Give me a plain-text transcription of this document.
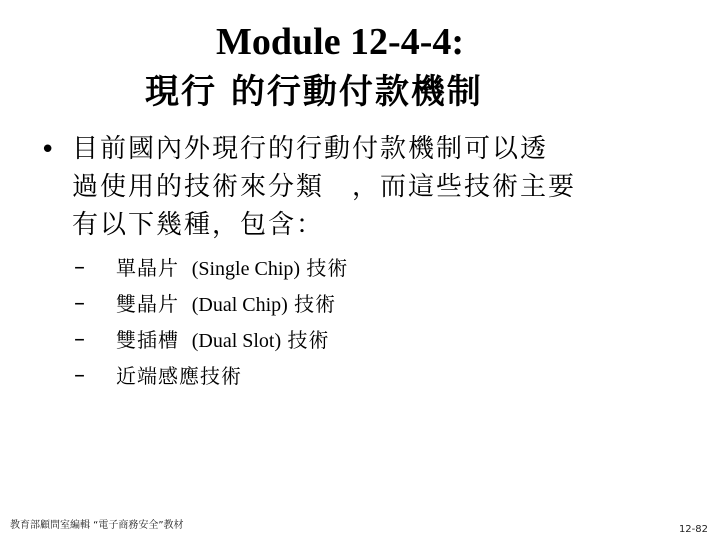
Module 12-4-4:
現行 的行動付款機制
• 目前國內外現行的行動付款機制可以透
過使用的技術來分類　，而這些技術主要
有以下幾種，包含：
– 單晶片 (Single Chip) 技術
– 雙晶片 (Dual Chip) 技術
– 雙插槽 (Dual Slot) 技術
– 近端感應技術
教育部顧問室編輯 “電子商務安全”教材	12-82
